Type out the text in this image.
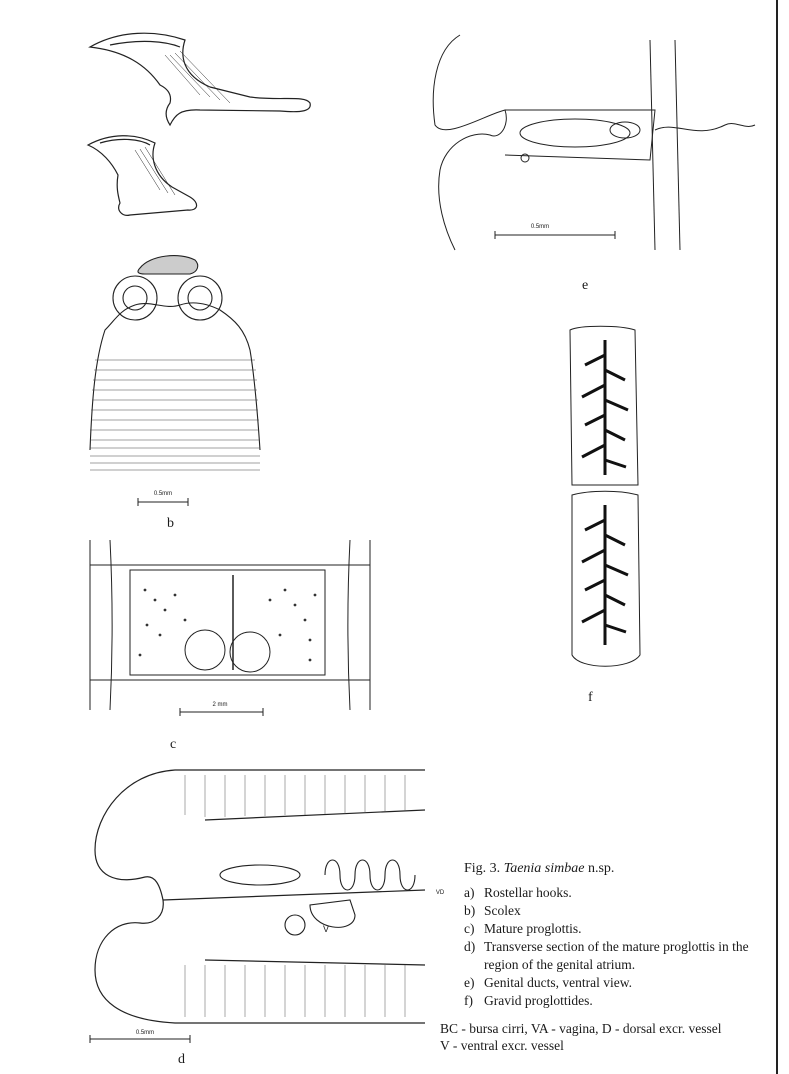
0.5mm
b
2 mm
c
0.5mm
e
f
0.5mm
VD
V
d
Fig. 3. Taenia simbae n.sp.
a) Rostellar hooks.
b) Scolex
c) Mature proglottis.
d) Transverse section of the mature proglottis in the region of the genital atrium.
e) Genital ducts, ventral view.
f) Gravid proglottides.
BC - bursa cirri, VA - vagina, D - dorsal excr. vessel
V - ventral excr. vessel
